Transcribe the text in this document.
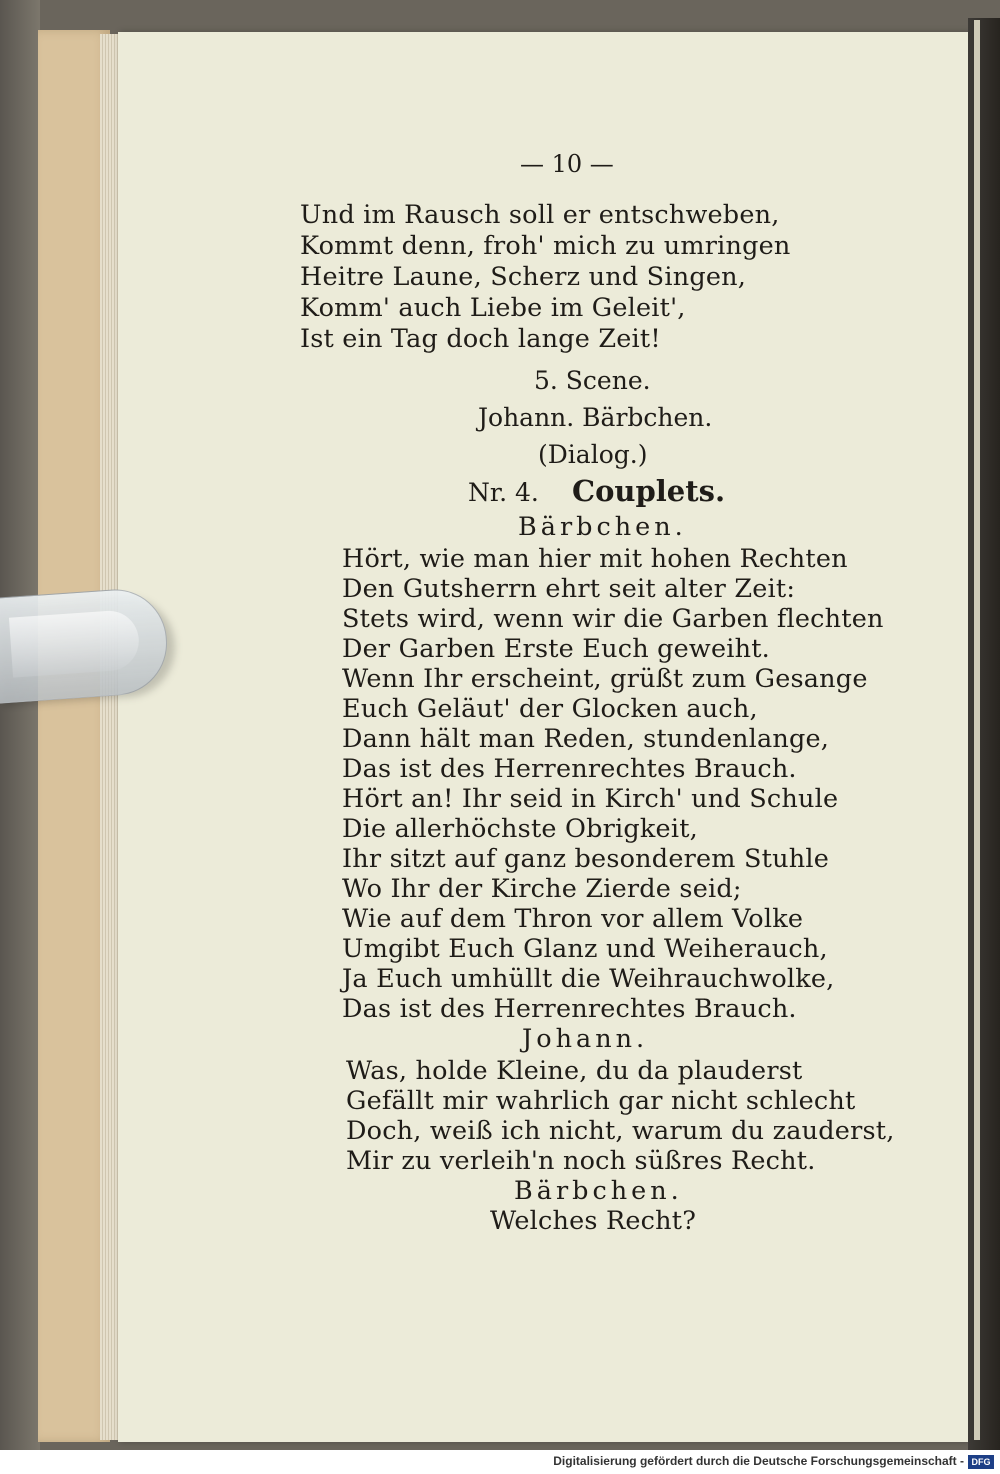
— 10 —
Und im Rausch soll er entschweben,
Kommt denn, froh' mich zu umringen
Heitre Laune, Scherz und Singen,
Komm' auch Liebe im Geleit',
Ist ein Tag doch lange Zeit!
5. Scene.
Johann. Bärbchen.
(Dialog.)
Nr. 4. Couplets.
Bärbchen.
Hört, wie man hier mit hohen Rechten
Den Gutsherrn ehrt seit alter Zeit:
Stets wird, wenn wir die Garben flechten
Der Garben Erste Euch geweiht.
Wenn Ihr erscheint, grüßt zum Gesange
Euch Geläut' der Glocken auch,
Dann hält man Reden, stundenlange,
Das ist des Herrenrechtes Brauch.
Hört an! Ihr seid in Kirch' und Schule
Die allerhöchste Obrigkeit,
Ihr sitzt auf ganz besonderem Stuhle
Wo Ihr der Kirche Zierde seid;
Wie auf dem Thron vor allem Volke
Umgibt Euch Glanz und Weiherauch,
Ja Euch umhüllt die Weihrauchwolke,
Das ist des Herrenrechtes Brauch.
Johann.
Was, holde Kleine, du da plauderst
Gefällt mir wahrlich gar nicht schlecht
Doch, weiß ich nicht, warum du zauderst,
Mir zu verleih'n noch süßres Recht.
Bärbchen.
Welches Recht?
Digitalisierung gefördert durch die Deutsche Forschungsgemeinschaft - DFG
